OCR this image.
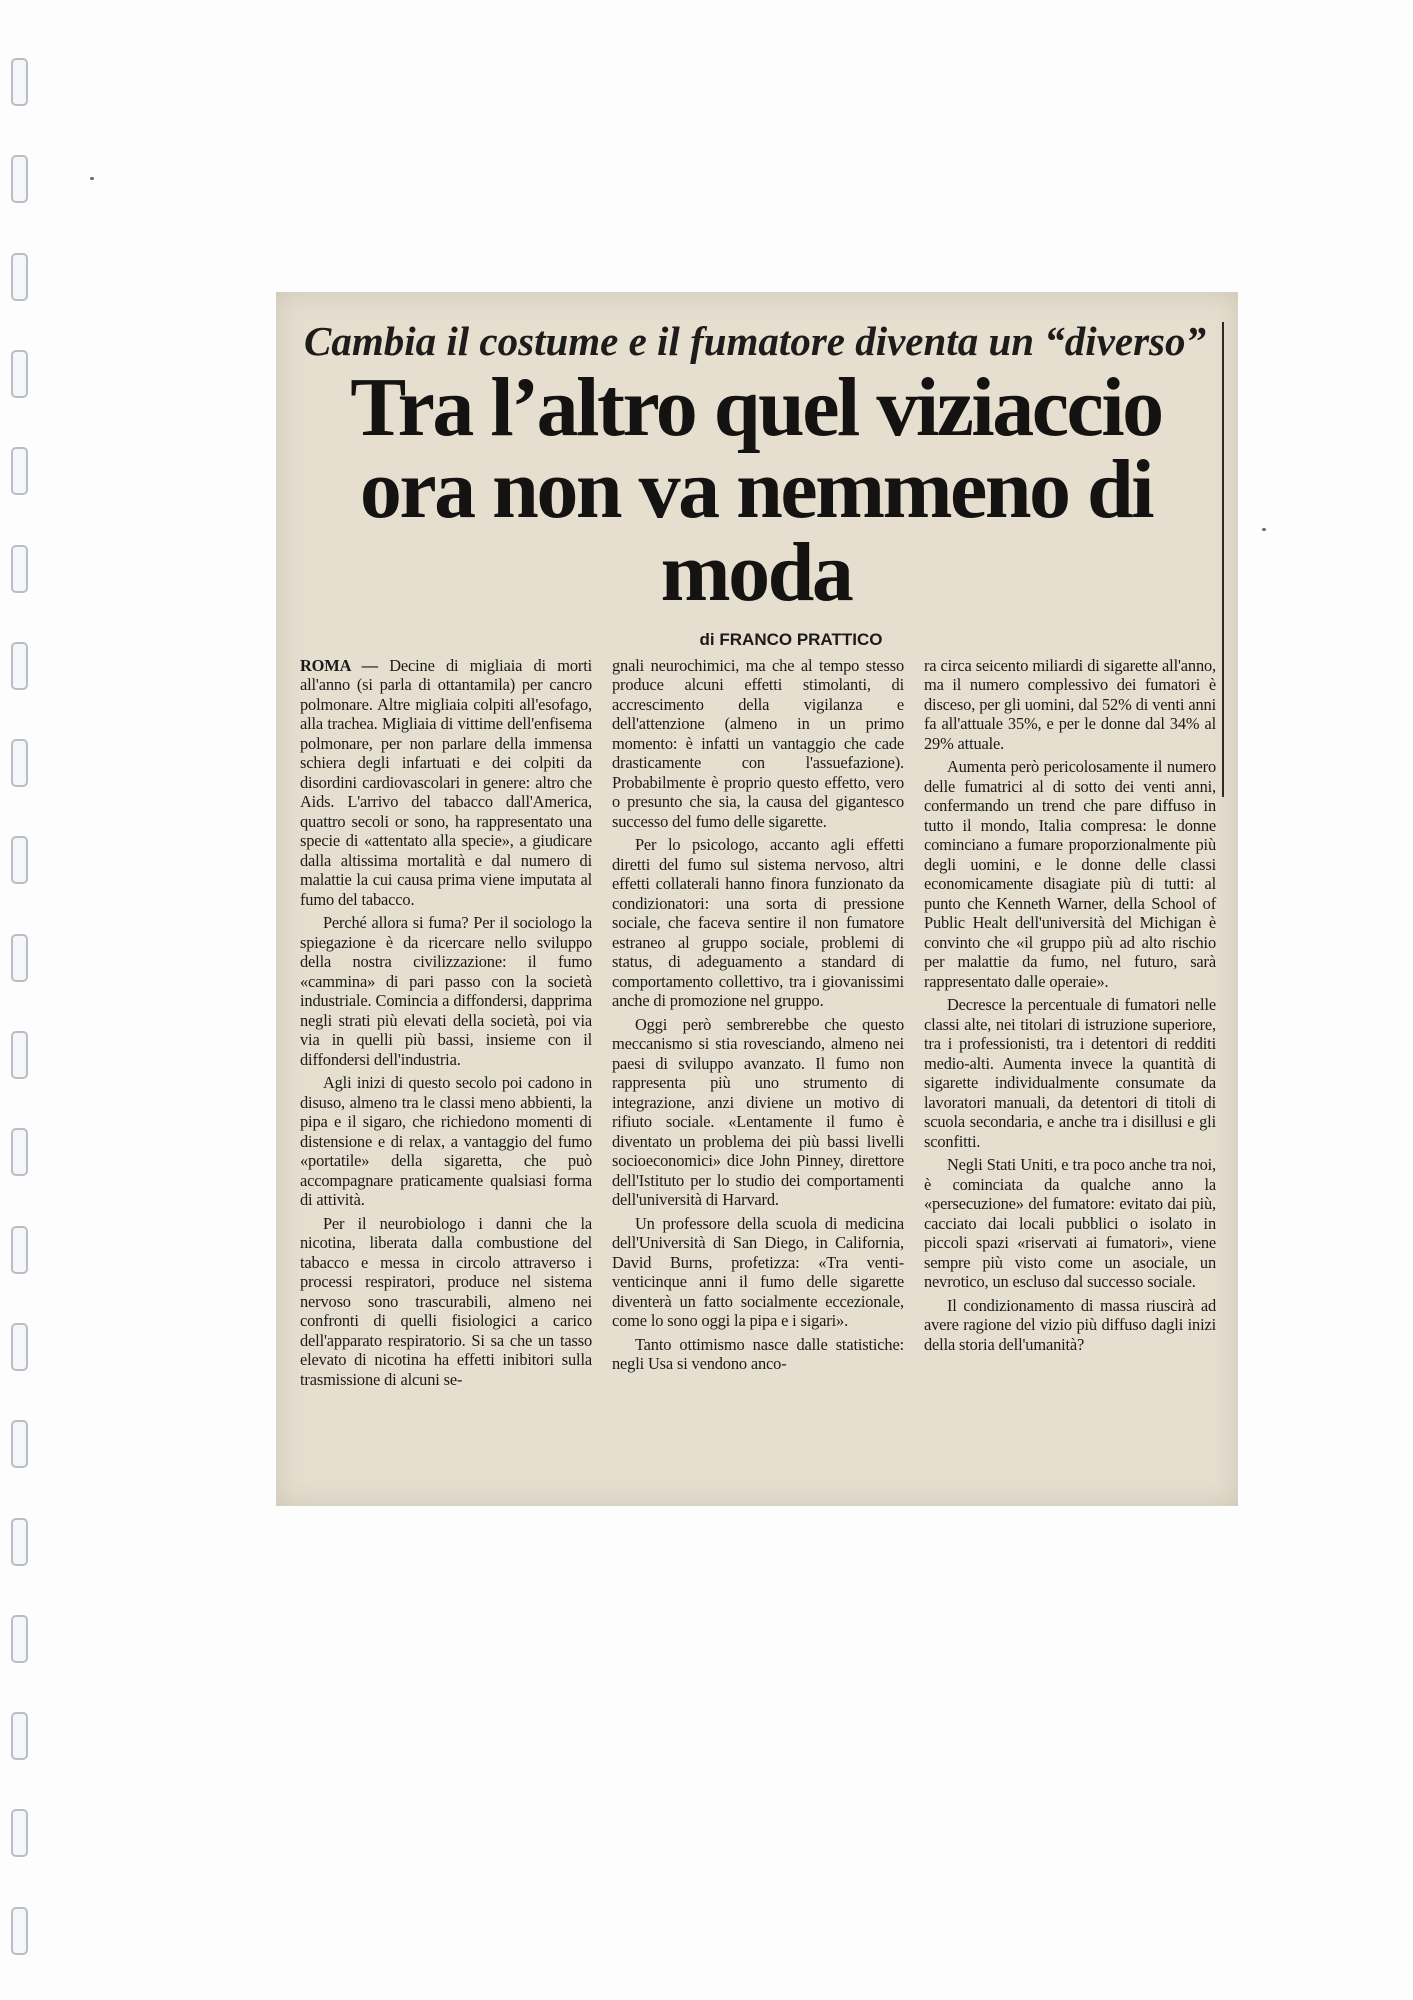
Cambia il costume e il fumatore diventa un “diverso”
Tra l’altro quel viziaccio
ora non va nemmeno di moda
di FRANCO PRATTICO

ROMA — Decine di migliaia di morti all'anno (si parla di ottantamila) per cancro polmonare. Altre migliaia colpiti all'esofago, alla trachea. Migliaia di vittime dell'enfisema polmonare, per non parlare della immensa schiera degli infartuati e dei colpiti da disordini cardiovascolari in genere: altro che Aids. L'arrivo del tabacco dall'America, quattro secoli or sono, ha rappresentato una specie di «attentato alla specie», a giudicare dalla altissima mortalità e dal numero di malattie la cui causa prima viene imputata al fumo del tabacco.

Perché allora si fuma? Per il sociologo la spiegazione è da ricercare nello sviluppo della nostra civilizzazione: il fumo «cammina» di pari passo con la società industriale. Comincia a diffondersi, dapprima negli strati più elevati della società, poi via via in quelli più bassi, insieme con il diffondersi dell'industria.

Agli inizi di questo secolo poi cadono in disuso, almeno tra le classi meno abbienti, la pipa e il sigaro, che richiedono momenti di distensione e di relax, a vantaggio del fumo «portatile» della sigaretta, che può accompagnare praticamente qualsiasi forma di attività.

Per il neurobiologo i danni che la nicotina, liberata dalla combustione del tabacco e messa in circolo attraverso i processi respiratori, produce nel sistema nervoso sono trascurabili, almeno nei confronti di quelli fisiologici a carico dell'apparato respiratorio. Si sa che un tasso elevato di nicotina ha effetti inibitori sulla trasmissione di alcuni se-

gnali neurochimici, ma che al tempo stesso produce alcuni effetti stimolanti, di accrescimento della vigilanza e dell'attenzione (almeno in un primo momento: è infatti un vantaggio che cade drasticamente con l'assuefazione). Probabilmente è proprio questo effetto, vero o presunto che sia, la causa del gigantesco successo del fumo delle sigarette.

Per lo psicologo, accanto agli effetti diretti del fumo sul sistema nervoso, altri effetti collaterali hanno finora funzionato da condizionatori: una sorta di pressione sociale, che faceva sentire il non fumatore estraneo al gruppo sociale, problemi di status, di adeguamento a standard di comportamento collettivo, tra i giovanissimi anche di promozione nel gruppo.

Oggi però sembrerebbe che questo meccanismo si stia rovesciando, almeno nei paesi di sviluppo avanzato. Il fumo non rappresenta più uno strumento di integrazione, anzi diviene un motivo di rifiuto sociale. «Lentamente il fumo è diventato un problema dei più bassi livelli socioeconomici» dice John Pinney, direttore dell'Istituto per lo studio dei comportamenti dell'università di Harvard.

Un professore della scuola di medicina dell'Università di San Diego, in California, David Burns, profetizza: «Tra venti-venticinque anni il fumo delle sigarette diventerà un fatto socialmente eccezionale, come lo sono oggi la pipa e i sigari».

Tanto ottimismo nasce dalle statistiche: negli Usa si vendono anco-

ra circa seicento miliardi di sigarette all'anno, ma il numero complessivo dei fumatori è disceso, per gli uomini, dal 52% di venti anni fa all'attuale 35%, e per le donne dal 34% al 29% attuale.

Aumenta però pericolosamente il numero delle fumatrici al di sotto dei venti anni, confermando un trend che pare diffuso in tutto il mondo, Italia compresa: le donne cominciano a fumare proporzionalmente più degli uomini, e le donne delle classi economicamente disagiate più di tutti: al punto che Kenneth Warner, della School of Public Healt dell'università del Michigan è convinto che «il gruppo più ad alto rischio per malattie da fumo, nel futuro, sarà rappresentato dalle operaie».

Decresce la percentuale di fumatori nelle classi alte, nei titolari di istruzione superiore, tra i professionisti, tra i detentori di redditi medio-alti. Aumenta invece la quantità di sigarette individualmente consumate da lavoratori manuali, da detentori di titoli di scuola secondaria, e anche tra i disillusi e gli sconfitti.

Negli Stati Uniti, e tra poco anche tra noi, è cominciata da qualche anno la «persecuzione» del fumatore: evitato dai più, cacciato dai locali pubblici o isolato in piccoli spazi «riservati ai fumatori», viene sempre più visto come un asociale, un nevrotico, un escluso dal successo sociale.

Il condizionamento di massa riuscirà ad avere ragione del vizio più diffuso dagli inizi della storia dell'umanità?
